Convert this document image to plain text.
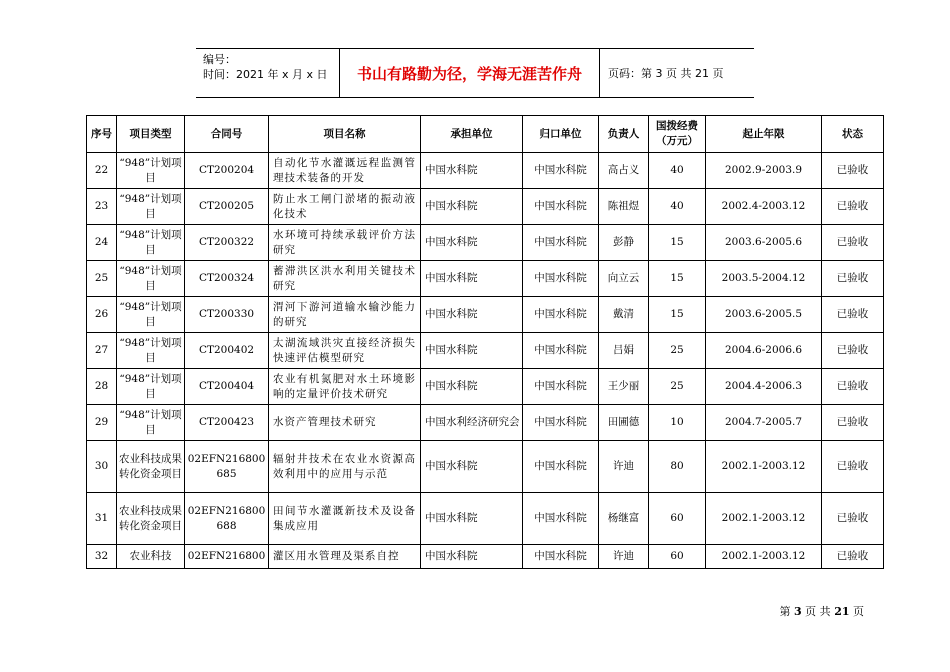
编号：
时间：2021 年 x 月 x 日	书山有路勤为径，学海无涯苦作舟	页码：第 3 页 共 21 页
序号	项目类型	合同号	项目名称	承担单位	归口单位	负责人	国拨经费（万元）	起止年限	状态
22	“948”计划项目	CT200204	自动化节水灌溉远程监测管理技术装备的开发	中国水科院	中国水科院	高占义	40	2002.9-2003.9	已验收
23	“948”计划项目	CT200205	防止水工闸门淤堵的振动液化技术	中国水科院	中国水科院	陈祖煜	40	2002.4-2003.12	已验收
24	“948”计划项目	CT200322	水环境可持续承载评价方法研究	中国水科院	中国水科院	彭静	15	2003.6-2005.6	已验收
25	“948”计划项目	CT200324	蓄滞洪区洪水利用关键技术研究	中国水科院	中国水科院	向立云	15	2003.5-2004.12	已验收
26	“948”计划项目	CT200330	渭河下游河道输水输沙能力的研究	中国水科院	中国水科院	戴清	15	2003.6-2005.5	已验收
27	“948”计划项目	CT200402	太湖流域洪灾直接经济损失快速评估模型研究	中国水科院	中国水科院	吕娟	25	2004.6-2006.6	已验收
28	“948”计划项目	CT200404	农业有机氮肥对水土环境影响的定量评价技术研究	中国水科院	中国水科院	王少丽	25	2004.4-2006.3	已验收
29	“948”计划项目	CT200423	水资产管理技术研究	中国水利经济研究会	中国水科院	田圃德	10	2004.7-2005.7	已验收
30	农业科技成果转化资金项目	02EFN216800685	辐射井技术在农业水资源高效利用中的应用与示范	中国水科院	中国水科院	许迪	80	2002.1-2003.12	已验收
31	农业科技成果转化资金项目	02EFN216800688	田间节水灌溉新技术及设备集成应用	中国水科院	中国水科院	杨继富	60	2002.1-2003.12	已验收
32	农业科技	02EFN216800	灌区用水管理及渠系自控	中国水科院	中国水科院	许迪	60	2002.1-2003.12	已验收
第 3 页 共 21 页
